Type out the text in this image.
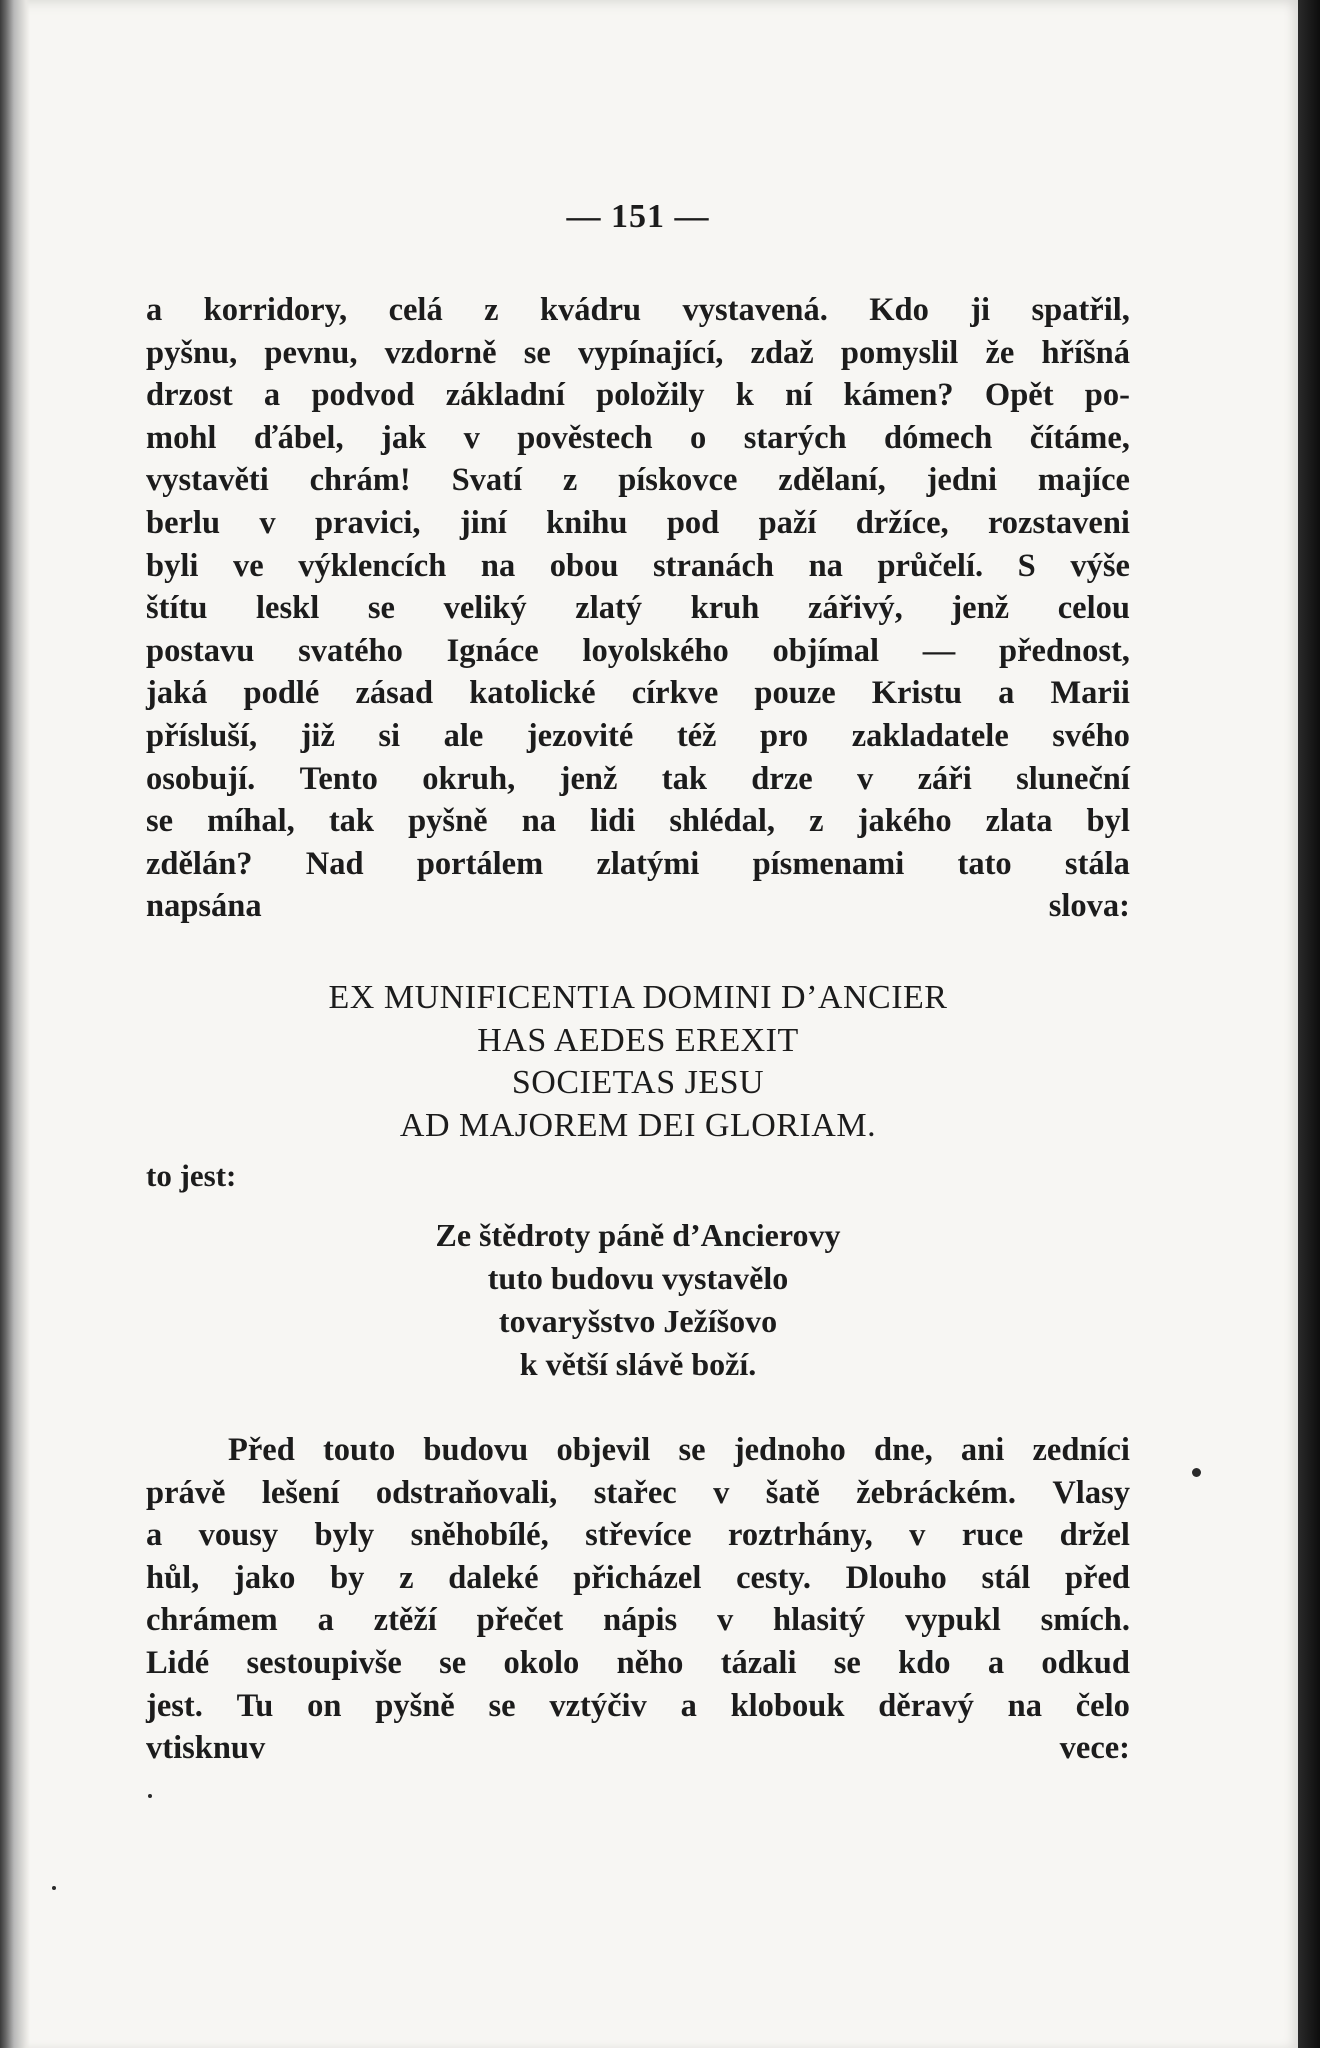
— 151 —
a korridory, celá z kvádru vystavená. Kdo ji spatřil,
pyšnu, pevnu, vzdorně se vypínající, zdaž pomyslil že hříšná
drzost a podvod základní položily k ní kámen? Opět po-
mohl ďábel, jak v pověstech o starých dómech čítáme,
vystavěti chrám! Svatí z pískovce zdělaní, jedni majíce
berlu v pravici, jiní knihu pod paží držíce, rozstaveni
byli ve výklencích na obou stranách na průčelí. S výše
štítu leskl se veliký zlatý kruh zářivý, jenž celou
postavu svatého Ignáce loyolského objímal — přednost,
jaká podlé zásad katolické církve pouze Kristu a Marii
přísluší, již si ale jezovité též pro zakladatele svého
osobují. Tento okruh, jenž tak drze v záři sluneční
se míhal, tak pyšně na lidi shlédal, z jakého zlata byl
zdělán? Nad portálem zlatými písmenami tato stála
napsána slova:
EX MUNIFICENTIA DOMINI D’ANCIER
HAS AEDES EREXIT
SOCIETAS JESU
AD MAJOREM DEI GLORIAM.
to jest:
Ze štědroty páně d’Ancierovy
tuto budovu vystavělo
tovaryšstvo Ježíšovo
k větší slávě boží.
Před touto budovu objevil se jednoho dne, ani zedníci
právě lešení odstraňovali, stařec v šatě žebráckém. Vlasy
a vousy byly sněhobílé, střevíce roztrhány, v ruce držel
hůl, jako by z daleké přicházel cesty. Dlouho stál před
chrámem a ztěží přečet nápis v hlasitý vypukl smích.
Lidé sestoupivše se okolo něho tázali se kdo a odkud
jest. Tu on pyšně se vztýčiv a klobouk děravý na čelo
vtisknuv vece:
